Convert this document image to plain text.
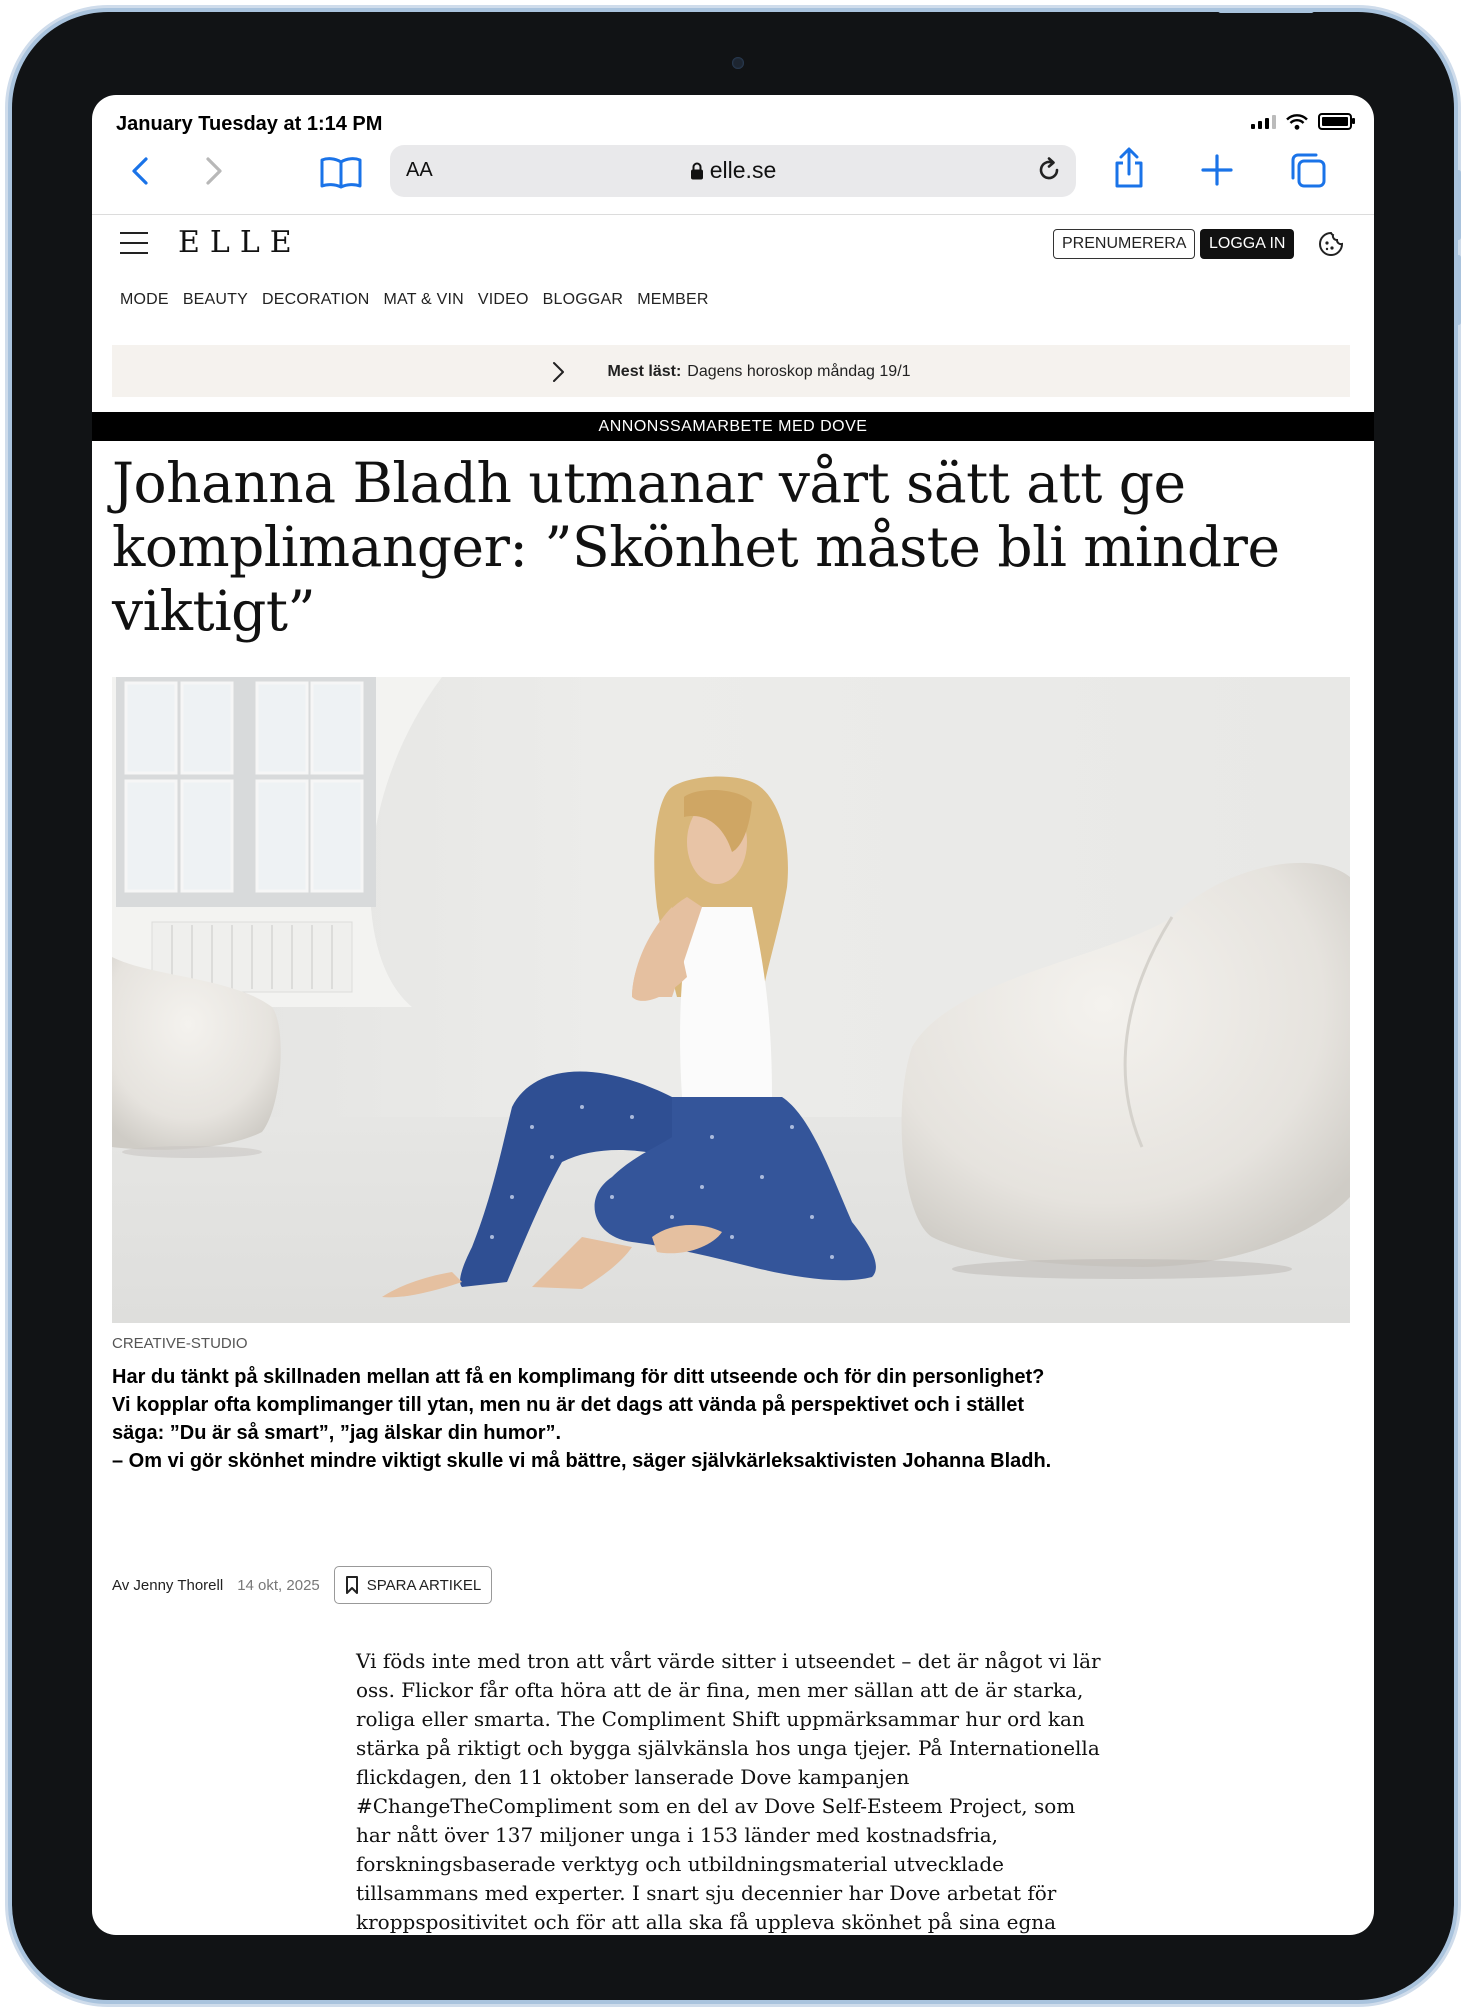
January Tuesday at 1:14 PM
AA	elle.se
ELLE	PRENUMERERA	LOGGA IN
MODE BEAUTY DECORATION MAT & VIN VIDEO BLOGGAR MEMBER
Mest läst: Dagens horoskop måndag 19/1
ANNONSSAMARBETE MED DOVE
Johanna Bladh utmanar vårt sätt att ge komplimanger: ”Skönhet måste bli mindre viktigt”
CREATIVE-STUDIO

Har du tänkt på skillnaden mellan att få en komplimang för ditt utseende och för din personlighet? Vi kopplar ofta komplimanger till ytan, men nu är det dags att vända på perspektivet och i stället säga: ”Du är så smart”, ”jag älskar din humor”.

– Om vi gör skönhet mindre viktigt skulle vi må bättre, säger självkärleksaktivisten Johanna Bladh.

Av Jenny Thorell 14 okt, 2025	SPARA ARTIKEL
Vi föds inte med tron att vårt värde sitter i utseendet – det är något vi lär oss. Flickor får ofta höra att de är fina, men mer sällan att de är starka, roliga eller smarta. The Compliment Shift uppmärksammar hur ord kan stärka på riktigt och bygga självkänsla hos unga tjejer. På Internationella flickdagen, den 11 oktober lanserade Dove kampanjen #ChangeTheCompliment som en del av Dove Self-Esteem Project, som har nått över 137 miljoner unga i 153 länder med kostnadsfria, forskningsbaserade verktyg och utbildningsmaterial utvecklade tillsammans med experter. I snart sju decennier har Dove arbetat för kroppspositivitet och för att alla ska få uppleva skönhet på sina egna
